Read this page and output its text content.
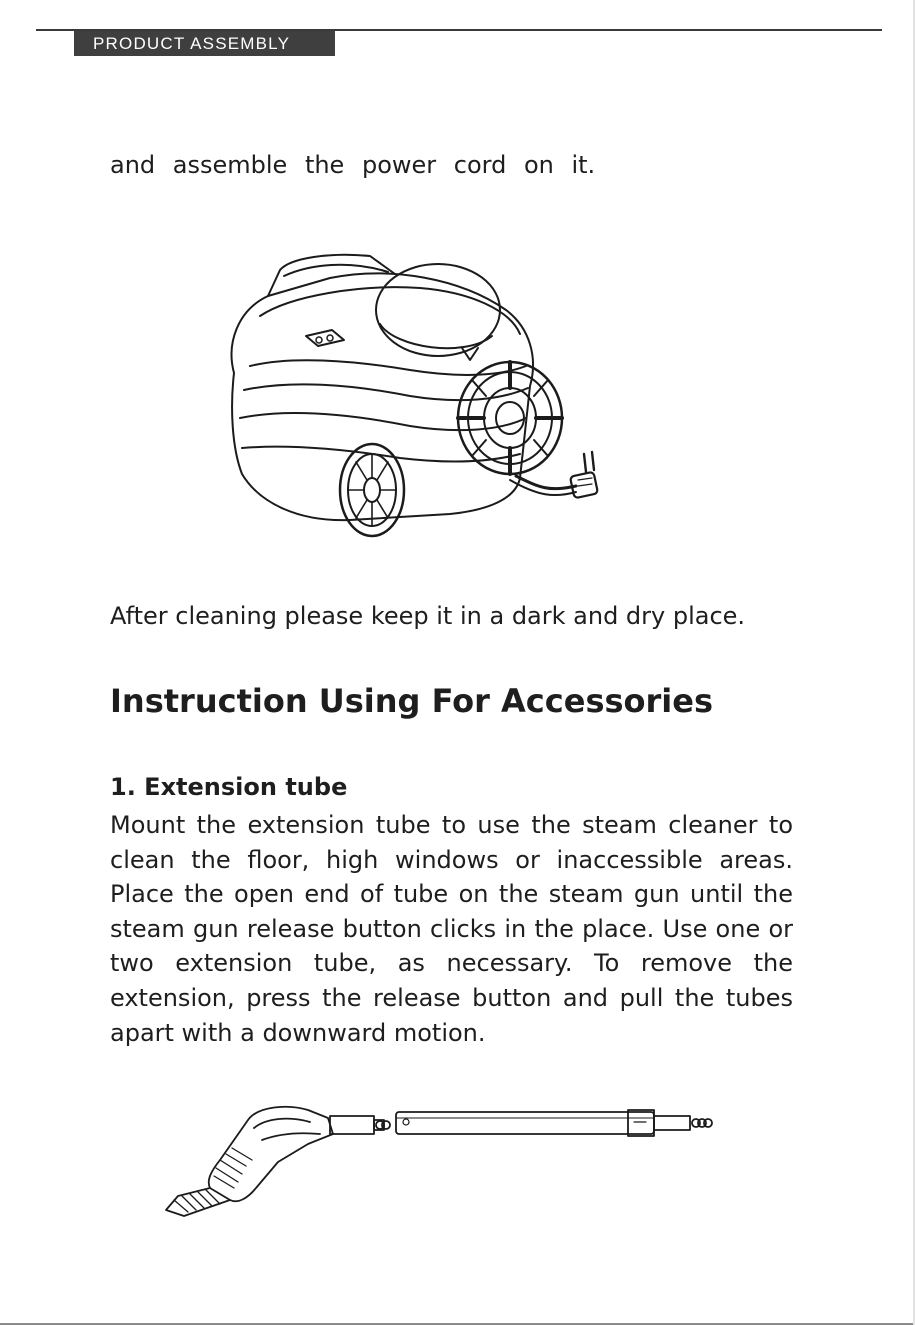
PRODUCT ASSEMBLY

and assemble the power cord on it.

After cleaning please keep it in a dark and dry place.

Instruction Using For Accessories
1. Extension tube

Mount the extension tube to use the steam cleaner to clean the floor, high windows or inaccessible areas. Place the open end of tube on the steam gun until the steam gun release button clicks in the place. Use one or two extension tube, as necessary. To remove the extension, press the release button and pull the tubes apart with a downward motion.
